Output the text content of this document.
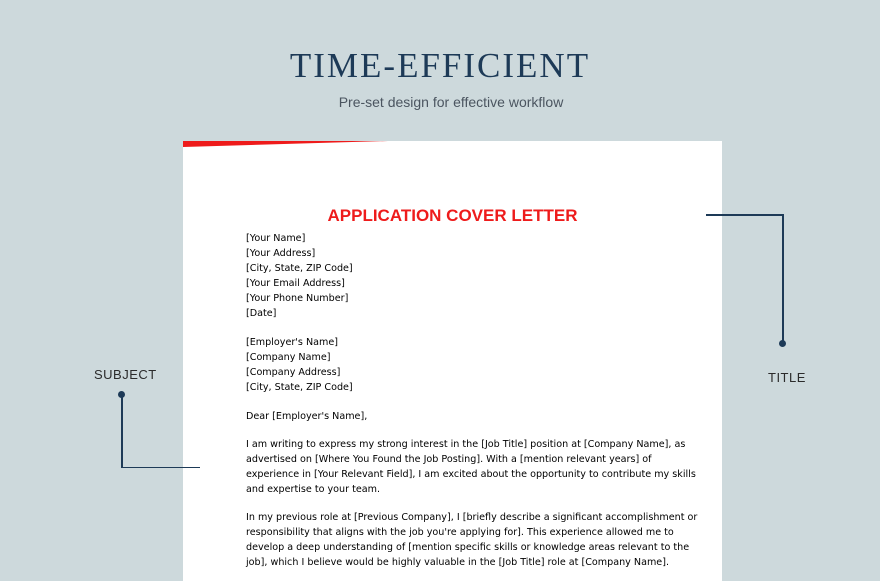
TIME-EFFICIENT
Pre-set design for effective workflow
APPLICATION COVER LETTER
[Your Name]
[Your Address]
[City, State, ZIP Code]
[Your Email Address]
[Your Phone Number]
[Date]
[Employer's Name]
[Company Name]
[Company Address]
[City, State, ZIP Code]

Dear [Employer's Name],

I am writing to express my strong interest in the [Job Title] position at [Company Name], as
advertised on [Where You Found the Job Posting]. With a [mention relevant years] of
experience in [Your Relevant Field], I am excited about the opportunity to contribute my skills
and expertise to your team.

In my previous role at [Previous Company], I [briefly describe a significant accomplishment or
responsibility that aligns with the job you're applying for]. This experience allowed me to
develop a deep understanding of [mention specific skills or knowledge areas relevant to the
job], which I believe would be highly valuable in the [Job Title] role at [Company Name].

SUBJECT	TITLE
